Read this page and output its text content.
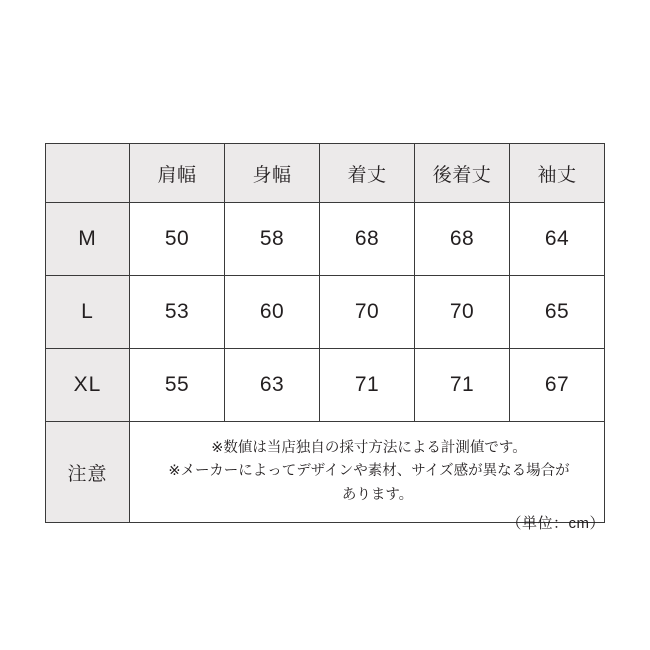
	肩幅	身幅	着丈	後着丈	袖丈
M	50	58	68	68	64
L	53	60	70	70	65
XL	55	63	71	71	67
注意	※数値は当店独自の採寸方法による計測値です。
※メーカーによってデザインや素材、サイズ感が異なる場合が
あります。				
（単位：cm）
